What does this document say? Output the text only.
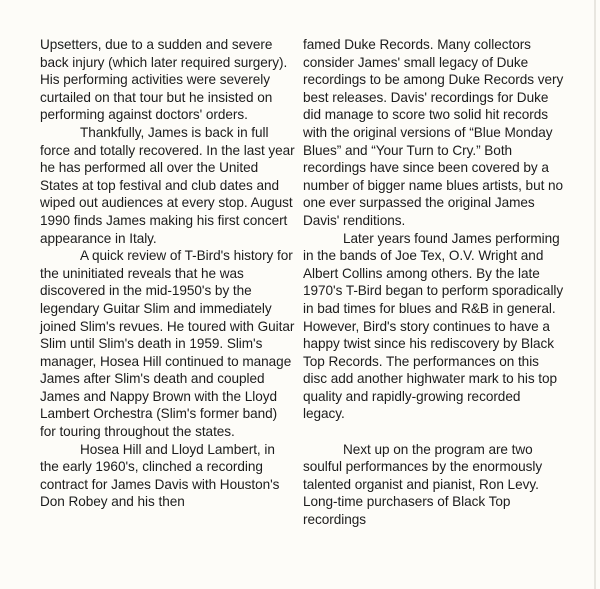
Upsetters, due to a sudden and severe back injury (which later required surgery). His performing activities were severely curtailed on that tour but he insisted on performing against doctors' orders.

Thankfully, James is back in full force and totally recovered. In the last year he has performed all over the United States at top festival and club dates and wiped out audiences at every stop. August 1990 finds James making his first concert appearance in Italy.

A quick review of T-Bird's history for the uninitiated reveals that he was discovered in the mid-1950's by the legendary Guitar Slim and immediately joined Slim's revues. He toured with Guitar Slim until Slim's death in 1959. Slim's manager, Hosea Hill continued to manage James after Slim's death and coupled James and Nappy Brown with the Lloyd Lambert Orchestra (Slim's former band) for touring throughout the states.

Hosea Hill and Lloyd Lambert, in the early 1960's, clinched a recording contract for James Davis with Houston's Don Robey and his then

famed Duke Records. Many collectors consider James' small legacy of Duke recordings to be among Duke Records very best releases. Davis' recordings for Duke did manage to score two solid hit records with the original versions of “Blue Monday Blues” and “Your Turn to Cry.” Both recordings have since been covered by a number of bigger name blues artists, but no one ever surpassed the original James Davis' renditions.

Later years found James performing in the bands of Joe Tex, O.V. Wright and Albert Collins among others. By the late 1970's T-Bird began to perform sporadically in bad times for blues and R&B in general. However, Bird's story continues to have a happy twist since his rediscovery by Black Top Records. The performances on this disc add another highwater mark to his top quality and rapidly-growing recorded legacy.

Next up on the program are two soulful performances by the enormously talented organist and pianist, Ron Levy. Long-time purchasers of Black Top recordings
